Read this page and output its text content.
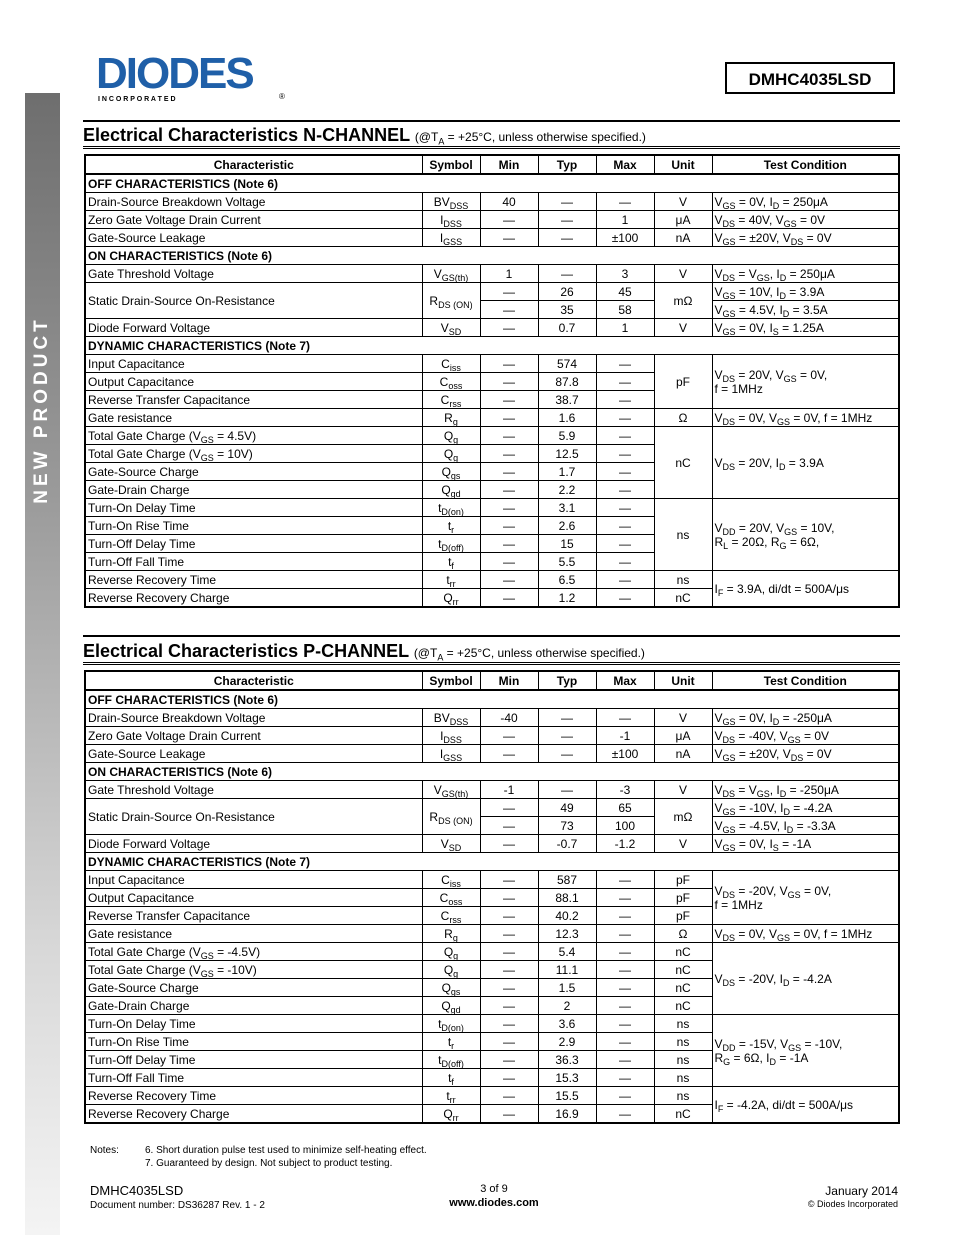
NEW PRODUCT
DIODES
I N C O R P O R A T E D	®
DMHC4035LSD
Electrical Characteristics N-CHANNEL ($@T_A = +25^\circ C$, unless otherwise specified.)
Characteristic	Symbol	Min	Typ	Max	Unit	Test Condition
OFF CHARACTERISTICS (Note 6)						
Drain-Source Breakdown Voltage	$BV_{DSS}$	40	—	—	V	$V_{GS} = 0V$, $I_D = 250\mu A$
Zero Gate Voltage Drain Current	$I_{DSS}$	—	—	1	μA	$V_{DS} = 40V$, $V_{GS} = 0V$
Gate-Source Leakage	$I_{GSS}$	—	—	±100	nA	$V_{GS} = \pm 20V$, $V_{DS} = 0V$
ON CHARACTERISTICS (Note 6)						
Gate Threshold Voltage	$V_{GS(th)}$	1	—	3	V	$V_{DS} = V_{GS}$, $I_D = 250\mu A$
Static Drain-Source On-Resistance	$R_{DS (ON)}$	—	26	45	mΩ	$V_{GS} = 10V$, $I_D = 3.9A$
		—	35	58		$V_{GS} = 4.5V$, $I_D = 3.5A$
Diode Forward Voltage	$V_{SD}$	—	0.7	1	V	$V_{GS} = 0V$, $I_S = 1.25A$
DYNAMIC CHARACTERISTICS (Note 7)						
Input Capacitance	$C_{iss}$	—	574	—	pF	$V_{DS} = 20V$, $V_{GS} = 0V$,
f = 1MHz
Output Capacitance	$C_{oss}$	—	87.8	—		
Reverse Transfer Capacitance	$C_{rss}$	—	38.7	—		
Gate resistance	$R_g$	—	1.6	—	Ω	$V_{DS} = 0V$, $V_{GS} = 0V$, f = 1MHz
Total Gate Charge $(V_{GS} = 4.5V)$	$Q_g$	—	5.9	—	nC	$V_{DS} = 20V$, $I_D = 3.9A$
Total Gate Charge $(V_{GS} = 10V)$	$Q_g$	—	12.5	—		
Gate-Source Charge	$Q_{gs}$	—	1.7	—		
Gate-Drain Charge	$Q_{gd}$	—	2.2	—		
Turn-On Delay Time	$t_{D(on)}$	—	3.1	—	ns	$V_{DD} = 20V$, $V_{GS} = 10V$,
$R_L = 20\Omega$, $R_G = 6\Omega$,
Turn-On Rise Time	$t_r$	—	2.6	—		
Turn-Off Delay Time	$t_{D(off)}$	—	15	—		
Turn-Off Fall Time	$t_f$	—	5.5	—		
Reverse Recovery Time	$t_{rr}$	—	6.5	—	ns	$I_F = 3.9A$, di/dt = 500A/μs
Reverse Recovery Charge	$Q_{rr}$	—	1.2	—	nC	
Electrical Characteristics P-CHANNEL ($@T_A = +25^\circ C$, unless otherwise specified.)
Characteristic	Symbol	Min	Typ	Max	Unit	Test Condition
OFF CHARACTERISTICS (Note 6)						
Drain-Source Breakdown Voltage	$BV_{DSS}$	-40	—	—	V	$V_{GS} = 0V$, $I_D = -250\mu A$
Zero Gate Voltage Drain Current	$I_{DSS}$	—	—	-1	μA	$V_{DS} = -40V$, $V_{GS} = 0V$
Gate-Source Leakage	$I_{GSS}$	—	—	±100	nA	$V_{GS} = \pm 20V$, $V_{DS} = 0V$
ON CHARACTERISTICS (Note 6)						
Gate Threshold Voltage	$V_{GS(th)}$	-1	—	-3	V	$V_{DS} = V_{GS}$, $I_D = -250\mu A$
Static Drain-Source On-Resistance	$R_{DS (ON)}$	—	49	65	mΩ	$V_{GS} = -10V$, $I_D = -4.2A$
		—	73	100		$V_{GS} = -4.5V$, $I_D = -3.3A$
Diode Forward Voltage	$V_{SD}$	—	-0.7	-1.2	V	$V_{GS} = 0V$, $I_S = -1A$
DYNAMIC CHARACTERISTICS (Note 7)						
Input Capacitance	$C_{iss}$	—	587	—	pF	$V_{DS} = -20V$, $V_{GS} = 0V$,
f = 1MHz
Output Capacitance	$C_{oss}$	—	88.1	—	pF	
Reverse Transfer Capacitance	$C_{rss}$	—	40.2	—	pF	
Gate resistance	$R_g$	—	12.3	—	Ω	$V_{DS} = 0V$, $V_{GS} = 0V$, f = 1MHz
Total Gate Charge $(V_{GS} = -4.5V)$	$Q_g$	—	5.4	—	nC	$V_{DS} = -20V$, $I_D = -4.2A$
Total Gate Charge $(V_{GS} = -10V)$	$Q_g$	—	11.1	—	nC	
Gate-Source Charge	$Q_{gs}$	—	1.5	—	nC	
Gate-Drain Charge	$Q_{gd}$	—	2	—	nC	
Turn-On Delay Time	$t_{D(on)}$	—	3.6	—	ns	$V_{DD} = -15V$, $V_{GS} = -10V$,
$R_G = 6\Omega$, $I_D = -1A$
Turn-On Rise Time	$t_r$	—	2.9	—	ns	
Turn-Off Delay Time	$t_{D(off)}$	—	36.3	—	ns	
Turn-Off Fall Time	$t_f$	—	15.3	—	ns	
Reverse Recovery Time	$t_{rr}$	—	15.5	—	ns	$I_F = -4.2A$, di/dt = 500A/μs
Reverse Recovery Charge	$Q_{rr}$	—	16.9	—	nC	
Notes:	6. Short duration pulse test used to minimize self-heating effect.
7. Guaranteed by design. Not subject to product testing.
DMHC4035LSD
Document number: DS36287 Rev. 1 - 2
3 of 9
www.diodes.com
January 2014
© Diodes Incorporated
